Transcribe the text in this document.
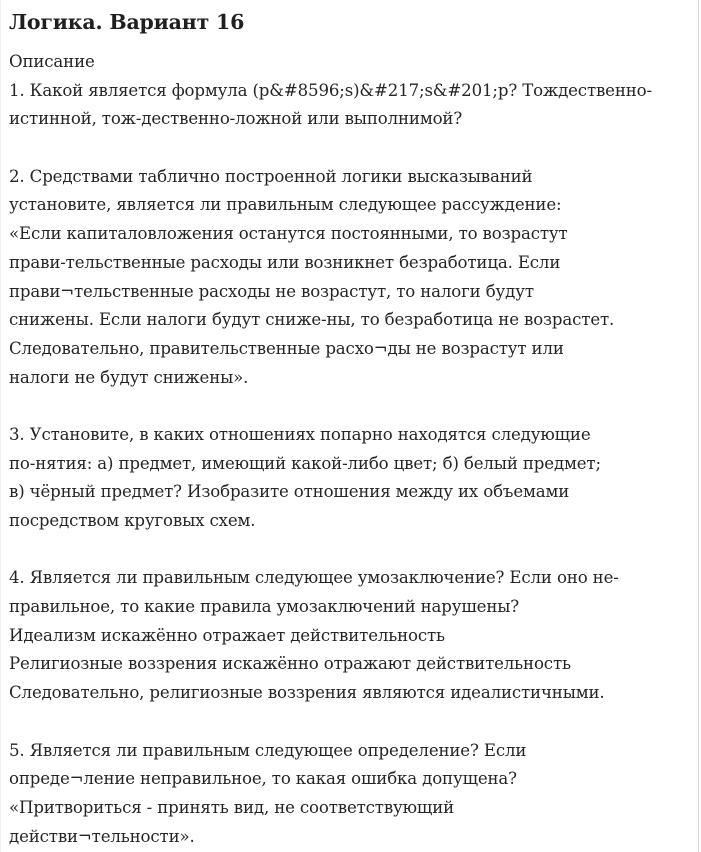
Логика. Вариант 16
Описание
1. Какой является формула (p&#8596;s)&#217;s&#201;p? Тождественно-
истинной, тож-дественно-ложной или выполнимой?
2. Средствами таблично построенной логики высказываний
установите, является ли правильным следующее рассуждение:
«Если капиталовложения останутся постоянными, то возрастут
прави-тельственные расходы или возникнет безработица. Если
прави¬тельственные расходы не возрастут, то налоги будут
снижены. Если налоги будут сниже-ны, то безработица не возрастет.
Следовательно, правительственные расхо¬ды не возрастут или
налоги не будут снижены».
3. Установите, в каких отношениях попарно находятся следующие
по-нятия: а) предмет, имеющий какой-либо цвет; б) белый предмет;
в) чёрный предмет? Изобразите отношения между их объемами
посредством круговых схем.
4. Является ли правильным следующее умозаключение? Если оно не-
правильное, то какие правила умозаключений нарушены?
Идеализм искажённо отражает действительность
Религиозные воззрения искажённо отражают действительность
Следовательно, религиозные воззрения являются идеалистичными.
5. Является ли правильным следующее определение? Если
опреде¬ление неправильное, то какая ошибка допущена?
«Притвориться - принять вид, не соответствующий
действи¬тельности».
